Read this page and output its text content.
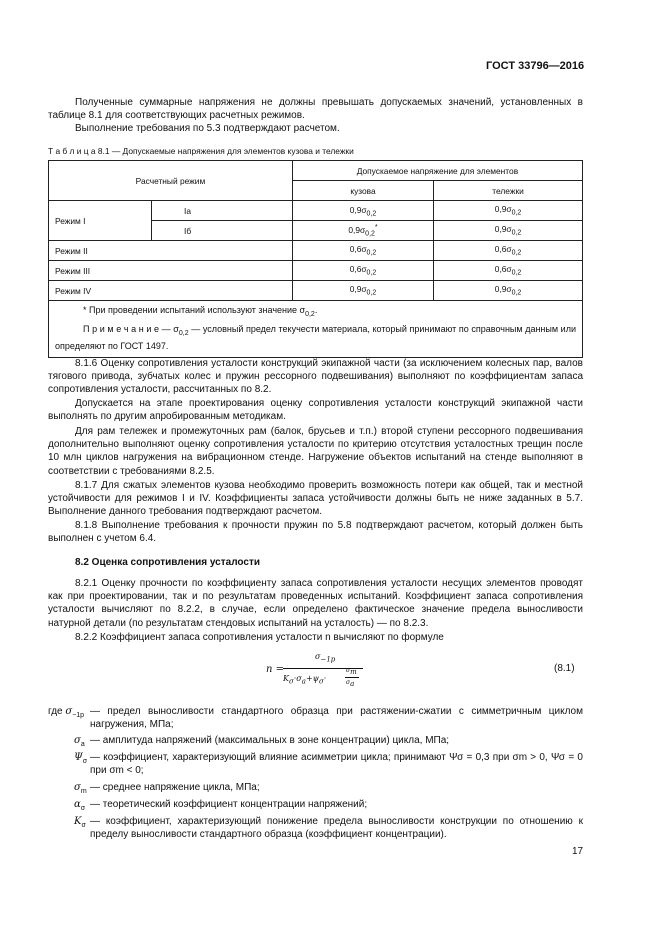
ГОСТ 33796—2016

Полученные суммарные напряжения не должны превышать допускаемых значений, установленных в таблице 8.1 для соответствующих расчетных режимов.

Выполнение требования по 5.3 подтверждают расчетом.

Т а б л и ц а 8.1 — Допускаемые напряжения для элементов кузова и тележки
Расчетный режим		Допускаемое напряжение для элементов	
		кузова	тележки
Режим I	Iа	$0,9\sigma_{0,2}$	$0,9\sigma_{0,2}$
	Iб	$0,9\sigma_{0,2}^*$	$0,9\sigma_{0,2}$
Режим II		$0,6\sigma_{0,2}$	$0,6\sigma_{0,2}$
Режим III		$0,6\sigma_{0,2}$	$0,6\sigma_{0,2}$
Режим IV		$0,9\sigma_{0,2}$	$0,9\sigma_{0,2}$

* При проведении испытаний используют значение $\sigma_{0,2}$.
П р и м е ч а н и е — $\sigma_{0,2}$ — условный предел текучести материала, который принимают по справочным данным или определяют по ГОСТ 1497.			

8.1.6 Оценку сопротивления усталости конструкций экипажной части (за исключением колесных пар, валов тягового привода, зубчатых колес и пружин рессорного подвешивания) выполняют по коэффициентам запаса сопротивления усталости, рассчитанных по 8.2.

Допускается на этапе проектирования оценку сопротивления усталости конструкций экипажной части выполнять по другим апробированным методикам.

Для рам тележек и промежуточных рам (балок, брусьев и т.п.) второй ступени рессорного подвешивания дополнительно выполняют оценку сопротивления усталости по критерию отсутствия усталостных трещин после 10 млн циклов нагружения на вибрационном стенде. Нагружение объектов испытаний на стенде выполняют в соответствии с требованиями 8.2.5.

8.1.7 Для сжатых элементов кузова необходимо проверить возможность потери как общей, так и местной устойчивости для режимов I и IV. Коэффициенты запаса устойчивости должны быть не ниже заданных в 5.7. Выполнение данного требования подтверждают расчетом.

8.1.8 Выполнение требования к прочности пружин по 5.8 подтверждают расчетом, который должен быть выполнен с учетом 6.4.

8.2 Оценка сопротивления усталости

8.2.1 Оценку прочности по коэффициенту запаса сопротивления усталости несущих элементов проводят как при проектировании, так и по результатам проведенных испытаний. Коэффициент запаса сопротивления усталости вычисляют по 8.2.2, в случае, если определено фактическое значение предела выносливости натурной детали (по результатам стендовых испытаний на усталость) — по 8.2.3.

8.2.2 Коэффициент запаса сопротивления усталости n вычисляют по формуле

n =
$\sigma_{-1p}$
$K_\sigma\cdot\sigma_a+\psi_\sigma\cdot$
$\sigma_m$
$\sigma_a$
(8.1)
где $\sigma_{-1p}$ — предел выносливости стандартного образца при растяжении-сжатии с симметричным циклом нагружения, МПа;
$\sigma_a$ — амплитуда напряжений (максимальных в зоне концентрации) цикла, МПа;
$\Psi_\sigma$ — коэффициент, характеризующий влияние асимметрии цикла; принимают Ψσ = 0,3 при σm > 0, Ψσ = 0 при σm < 0;
$\sigma_m$ — среднее напряжение цикла, МПа;
$\alpha_\sigma$ — теоретический коэффициент концентрации напряжений;
$K_\sigma$ — коэффициент, характеризующий понижение предела выносливости конструкции по отношению к пределу выносливости стандартного образца (коэффициент концентрации).
17
